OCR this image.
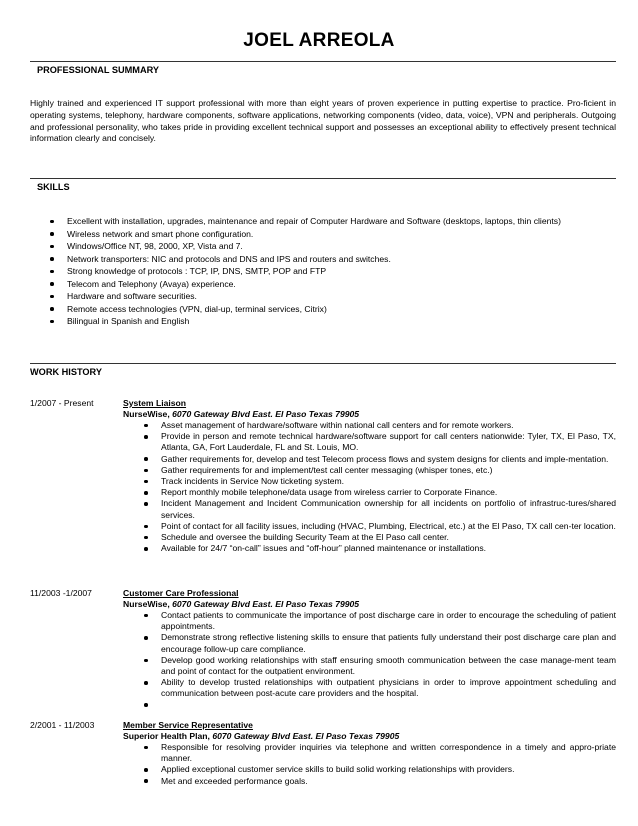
JOEL ARREOLA
PROFESSIONAL SUMMARY
Highly trained and experienced IT support professional with more than eight years of proven experience in putting expertise to practice. Pro-ficient in operating systems, telephony, hardware components, software applications, networking components (video, data, voice), VPN and peripherals. Outgoing and professional personality, who takes pride in providing excellent technical support and possesses an exceptional ability to effectively present technical information clearly and concisely.
SKILLS
Excellent with installation, upgrades, maintenance and repair of Computer Hardware and Software (desktops, laptops, thin clients)
Wireless network and smart phone configuration.
Windows/Office NT, 98, 2000, XP, Vista and 7.
Network transporters: NIC and protocols and DNS and IPS and routers and switches.
Strong knowledge of protocols : TCP, IP, DNS, SMTP, POP and FTP
Telecom and Telephony (Avaya) experience.
Hardware and software securities.
Remote access technologies (VPN, dial-up, terminal services, Citrix)
Bilingual in Spanish and English
WORK HISTORY
1/2007 - Present	System Liaison
NurseWise, 6070 Gateway Blvd East. El Paso Texas 79905
Asset management of hardware/software within national call centers and for remote workers.
Provide in person and remote technical hardware/software support for call centers nationwide: Tyler, TX, El Paso, TX, Atlanta, GA, Fort Lauderdale, FL and St. Louis, MO.
Gather requirements for, develop and test Telecom process flows and system designs for clients and imple-mentation.
Gather requirements for and implement/test call center messaging (whisper tones, etc.)
Track incidents in Service Now ticketing system.
Report monthly mobile telephone/data usage from wireless carrier to Corporate Finance.
Incident Management and Incident Communication ownership for all incidents on portfolio of infrastruc-tures/shared services.
Point of contact for all facility issues, including (HVAC, Plumbing, Electrical, etc.) at the El Paso, TX call cen-ter location.
Schedule and oversee the building Security Team at the El Paso call center.
Available for 24/7 “on-call” issues and “off-hour” planned maintenance or installations.
11/2003 -1/2007	Customer Care Professional
NurseWise, 6070 Gateway Blvd East. El Paso Texas 79905
Contact patients to communicate the importance of post discharge care in order to encourage the scheduling of patient appointments.
Demonstrate strong reflective listening skills to ensure that patients fully understand their post discharge care plan and encourage follow-up care compliance.
Develop good working relationships with staff ensuring smooth communication between the case manage-ment team and point of contact for the outpatient environment.
Ability to develop trusted relationships with outpatient physicians in order to improve appointment scheduling and communication between post-acute care providers and the hospital.
2/2001 - 11/2003	Member Service Representative
Superior Health Plan, 6070 Gateway Blvd East. El Paso Texas 79905
Responsible for resolving provider inquiries via telephone and written correspondence in a timely and appro-priate manner.
Applied exceptional customer service skills to build solid working relationships with providers.
Met and exceeded performance goals.
